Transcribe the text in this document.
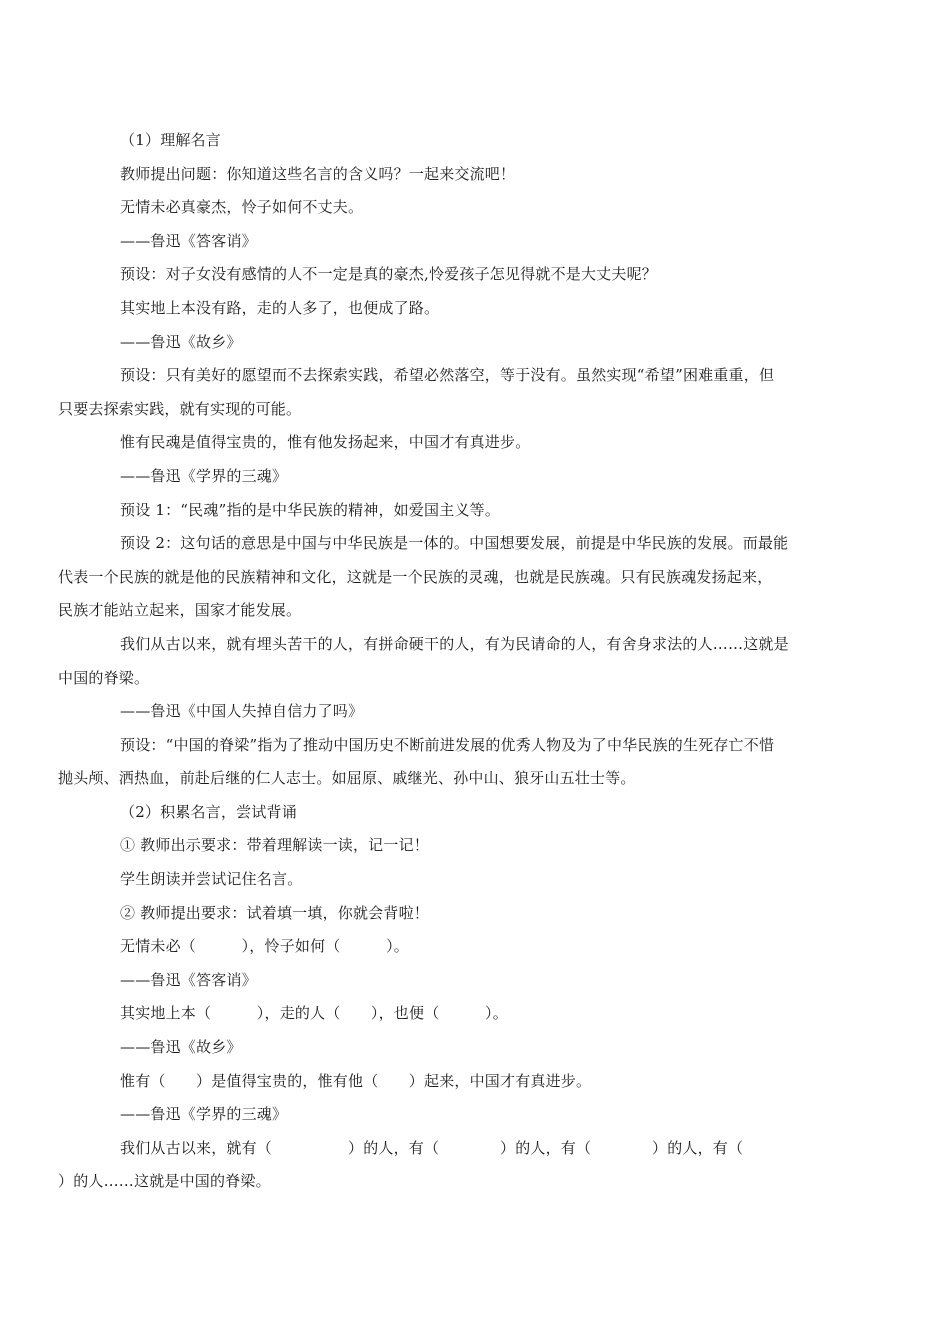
（1）理解名言

教师提出问题：你知道这些名言的含义吗？一起来交流吧！

无情未必真豪杰，怜子如何不丈夫。

——鲁迅《答客诮》

预设：对子女没有感情的人不一定是真的豪杰,怜爱孩子怎见得就不是大丈夫呢？

其实地上本没有路，走的人多了，也便成了路。

——鲁迅《故乡》

预设：只有美好的愿望而不去探索实践，希望必然落空，等于没有。虽然实现“希望”困难重重，但

只要去探索实践，就有实现的可能。

惟有民魂是值得宝贵的，惟有他发扬起来，中国才有真进步。

——鲁迅《学界的三魂》

预设 1：“民魂”指的是中华民族的精神，如爱国主义等。

预设 2：这句话的意思是中国与中华民族是一体的。中国想要发展，前提是中华民族的发展。而最能

代表一个民族的就是他的民族精神和文化，这就是一个民族的灵魂，也就是民族魂。只有民族魂发扬起来，

民族才能站立起来，国家才能发展。

我们从古以来，就有埋头苦干的人，有拼命硬干的人，有为民请命的人，有舍身求法的人……这就是

中国的脊梁。

——鲁迅《中国人失掉自信力了吗》

预设：“中国的脊梁”指为了推动中国历史不断前进发展的优秀人物及为了中华民族的生死存亡不惜

抛头颅、洒热血，前赴后继的仁人志士。如屈原、戚继光、孙中山、狼牙山五壮士等。

（2）积累名言，尝试背诵

① 教师出示要求：带着理解读一读，记一记！

学生朗读并尝试记住名言。

② 教师提出要求：试着填一填，你就会背啦！

无情未必（　　　），怜子如何（　　　）。

——鲁迅《答客诮》

其实地上本（　　　），走的人（　　），也便（　　　）。

——鲁迅《故乡》

惟有（　　）是值得宝贵的，惟有他（　　）起来，中国才有真进步。

——鲁迅《学界的三魂》

我们从古以来，就有（　　　　　）的人，有（　　　　）的人，有（　　　　）的人，有（

）的人……这就是中国的脊梁。
